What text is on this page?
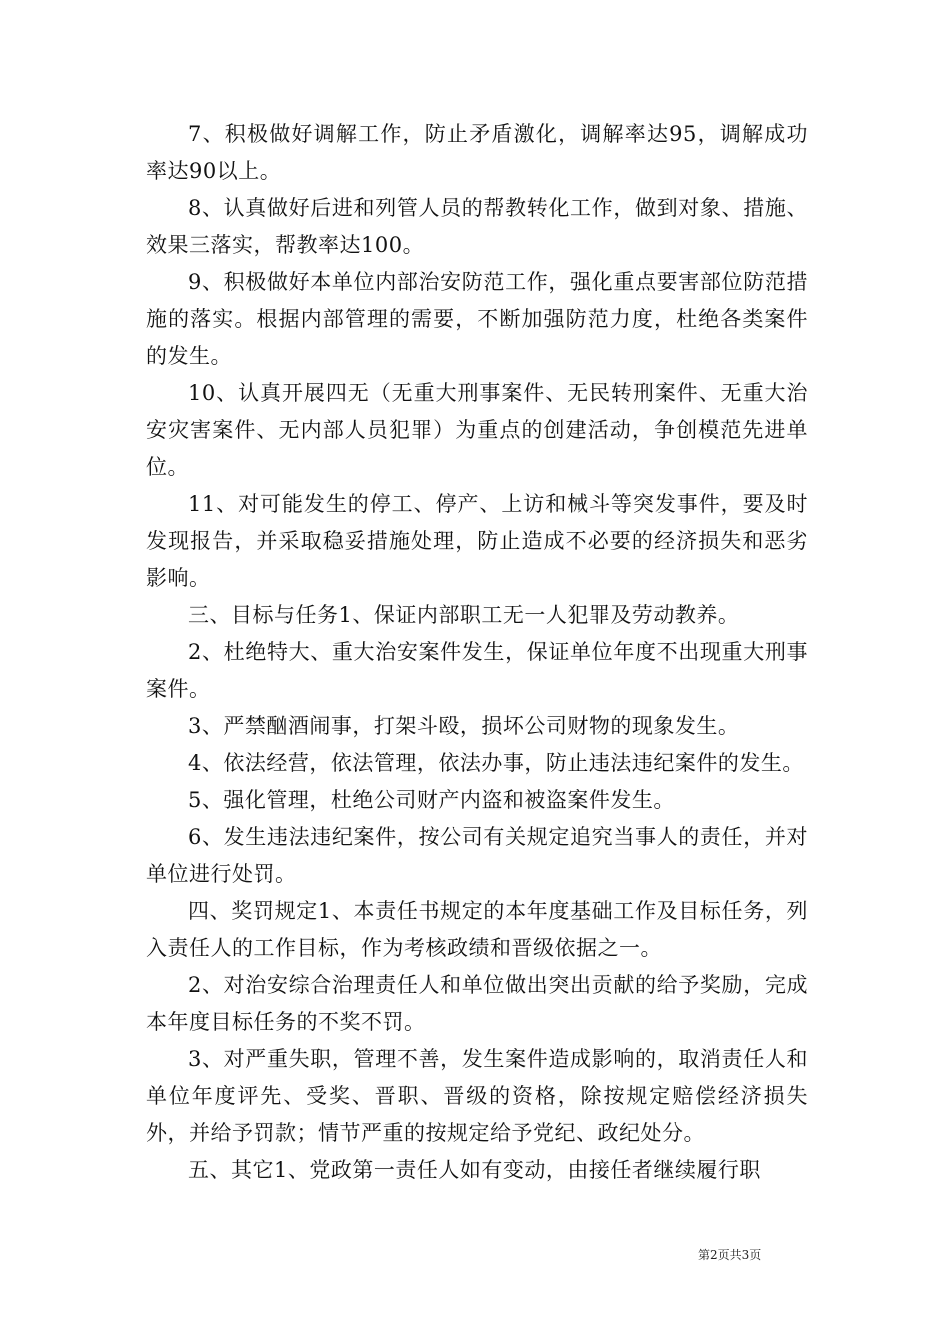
7、积极做好调解工作，防止矛盾激化，调解率达95，调解成功率达90以上。

8、认真做好后进和列管人员的帮教转化工作，做到对象、措施、效果三落实，帮教率达100。

9、积极做好本单位内部治安防范工作，强化重点要害部位防范措施的落实。根据内部管理的需要，不断加强防范力度，杜绝各类案件的发生。

10、认真开展四无（无重大刑事案件、无民转刑案件、无重大治安灾害案件、无内部人员犯罪）为重点的创建活动，争创模范先进单位。

11、对可能发生的停工、停产、上访和械斗等突发事件，要及时发现报告，并采取稳妥措施处理，防止造成不必要的经济损失和恶劣影响。

三、目标与任务1、保证内部职工无一人犯罪及劳动教养。

2、杜绝特大、重大治安案件发生，保证单位年度不出现重大刑事案件。

3、严禁酗酒闹事，打架斗殴，损坏公司财物的现象发生。

4、依法经营，依法管理，依法办事，防止违法违纪案件的发生。

5、强化管理，杜绝公司财产内盗和被盗案件发生。

6、发生违法违纪案件，按公司有关规定追究当事人的责任，并对单位进行处罚。

四、奖罚规定1、本责任书规定的本年度基础工作及目标任务，列入责任人的工作目标，作为考核政绩和晋级依据之一。

2、对治安综合治理责任人和单位做出突出贡献的给予奖励，完成本年度目标任务的不奖不罚。

3、对严重失职，管理不善，发生案件造成影响的，取消责任人和单位年度评先、受奖、晋职、晋级的资格，除按规定赔偿经济损失外，并给予罚款；情节严重的按规定给予党纪、政纪处分。

五、其它1、党政第一责任人如有变动，由接任者继续履行职

第2页共3页
